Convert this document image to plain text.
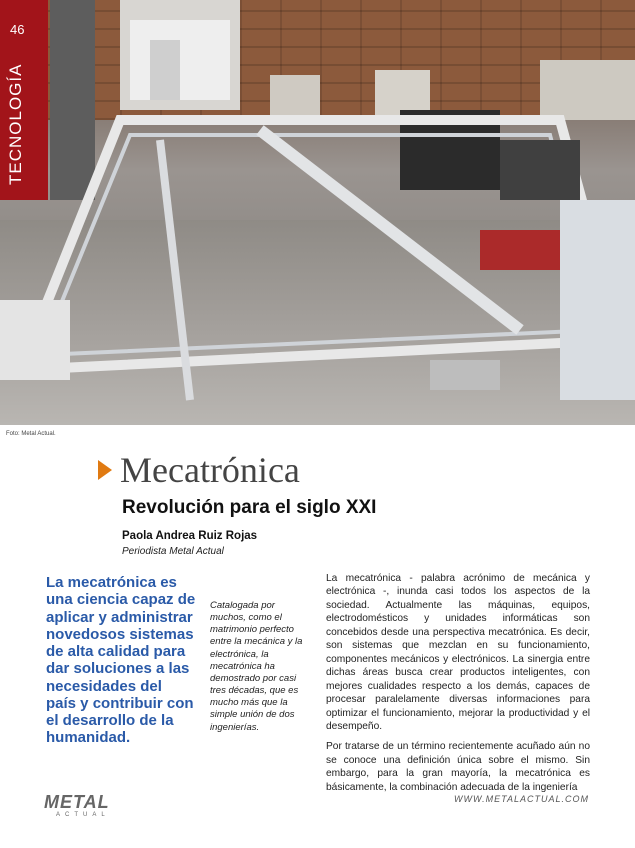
46
TECNOLOGÍA
Foto: Metal Actual.
Mecatrónica
Revolución para el siglo XXI
Paola Andrea Ruiz Rojas
Periodista Metal Actual
La mecatrónica es una ciencia capaz de aplicar y administrar novedosos sistemas de alta calidad para dar soluciones a las necesidades del país y contribuir con el desarrollo de la humanidad.
Catalogada por muchos, como el matrimonio perfecto entre la mecánica y la electrónica, la mecatrónica ha demostrado por casi tres décadas, que es mucho más que la simple unión de dos ingenierías.

La mecatrónica - palabra acrónimo de mecánica y electrónica -, inunda casi todos los aspectos de la sociedad. Actualmente las máquinas, equipos, electrodomésticos y unidades informáticas son concebidos desde una perspectiva mecatrónica. Es decir, son sistemas que mezclan en su funcionamiento, componentes mecánicos y electrónicos. La sinergia entre dichas áreas busca crear productos inteligentes, con mejores cualidades respecto a los demás, capaces de procesar paralelamente diversas informaciones para optimizar el funcionamiento, mejorar la productividad y el desempeño.

Por tratarse de un término recientemente acuñado aún no se conoce una definición única sobre el mismo. Sin embargo, para la gran mayoría, la mecatrónica es básicamente, la combinación adecuada de la ingeniería

METAL
ACTUAL
WWW.METALACTUAL.COM
